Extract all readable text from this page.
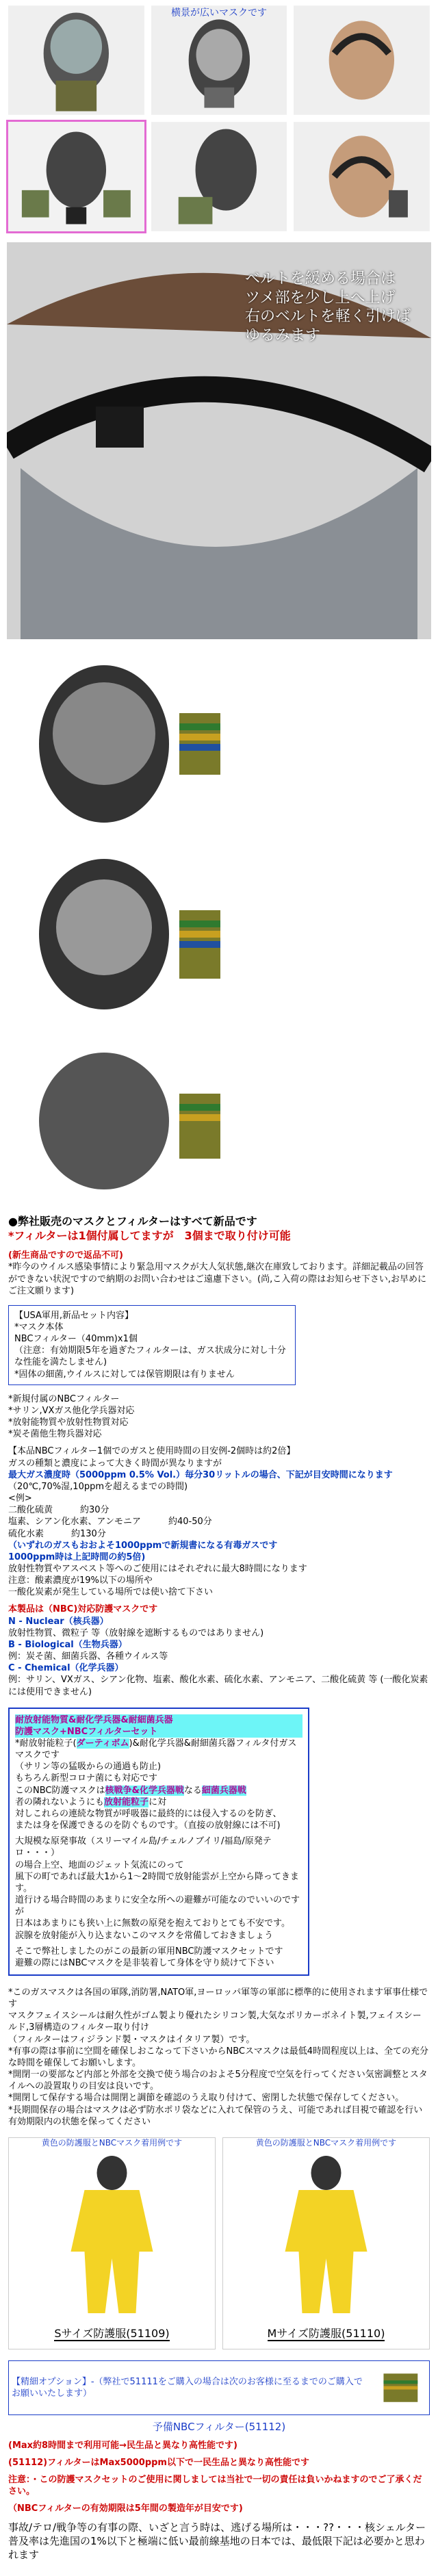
横景が広いマスクです
ベルトを緩める場合は
ツメ部を少し上へ上げ
右のベルトを軽く引けば
ゆるみます
●弊社販売のマスクとフィルターはすべて新品です
*フィルターは1個付属してますが　3個まで取り付け可能
(新生商品ですので返品不可)
*昨今のウイルス感染事情により緊急用マスクが大人気状態,継次在庫致しております。詳細記載品の回答ができない状況ですので納期のお問い合わせはご遠慮下さい。(尚,こ入荷の際はお知らせ下さい,お早めにご注文願ります)
【USA軍用,新品セット内容】
*マスク本体
NBCフィルター（40mm)x1個
（注意：有効期限5年を過ぎたフィルターは、ガス状成分に対し十分な性能を満たしません)
*固体の細菌,ウイルスに対しては保管期限は有りません
*新規付属のNBCフィルター
*サリン,VXガス他化学兵器対応
*放射能物質や放射性物質対応
*炭そ菌他生物兵器対応
【本品NBCフィルター1個でのガスと使用時間の目安例-2個時は約2倍】
ガスの種類と濃度によって大きく時間が異なりますが
最大ガス濃度時（5000ppm 0.5% Vol.）毎分30リットルの場合、下記が目安時間になります
（20℃,70%湿,10ppmを超えるまでの時間)
<例>
二酸化硫黄	約30分
塩素、シアン化水素、アンモニア	約40-50分
硫化水素	約130分
（いずれのガスもおおよそ1000ppmで新規書になる有毒ガスです
1000ppm時は上記時間の約5倍)
放射性物質やアスベスト等へのご使用にはそれぞれに最大8時間になります
注意：酸素濃度が19%以下の場所や
一酸化炭素が発生している場所では使い捨て下さい
本製品は（NBC)対応防護マスクです
N - Nuclear（核兵器）
放射性物質、微粒子 等（放射線を遮断するものではありません)
B - Biological（生物兵器）
例：炭そ菌、細菌兵器、各種ウイルス等
C - Chemical（化学兵器）
例：サリン、VXガス、シアン化物、塩素、酸化水素、硫化水素、アンモニア、二酸化硫黄 等 (一酸化炭素には使用できません)
耐放射能物質&耐化学兵器&耐細菌兵器
防護マスク+NBCフィルターセット
*耐放射能粒子(ダーティボム)&耐化学兵器&耐細菌兵器フィルタ付ガスマスクです
（サリン等の猛吸からの通過も防止)
もちろん新型コロナ菌にも対応です
このNBC防護マスクは核戦争&化学兵器戦なる細菌兵器戦
者の隣れないようにも放射能粒子に対
対しこれらの連続な物質が呼吸器に最終的には侵入するのを防ぎ、
または身を保護できるのを防ぐものです。（直接の放射線には不可)
大規模な原発事故（スリーマイル島/チェルノブイリ/福島/原発テロ・・・）
の場合上空、地面のジェット気流にのって
風下の町であれば最大1から1〜2時間で放射能雲が上空から降ってきます。
道行ける場合時間のあまりに安全な所への避難が可能なのでいいのですが
日本はあまりにも狭い上に無数の原発を抱えておりとても不安です。
涙腺を放射能が入り込まないこのマスクを常備しておきましょう
そこで弊社しましたのがこの最新の軍用NBC防護マスクセットです
避難の際にはNBCマスクを是非装着して身体を守り続けて下さい
*このガスマスクは各国の軍隊,消防署,NATO軍,ヨーロッパ軍等の軍部に標準的に使用されます軍事仕様です
マスクフェイスシールは耐久性がゴム製より優れたシリコン製,大気なポリカーボネイト製,フェイスシールド,3層構造のフィルター取り付け
（フィルターはフィジランド製・マスクはイタリア製）です。
*有事の際は事前に空間を確保しおこなって下さいからNBCスマスクは最低4時間程度以上は、全ての充分な時間を確保してお願いします。
*開閉一の要部など内部と外部を交換で使う場合のおよそ5分程度で空気を行ってください気密調整とスタイルへの設置取りの目安は良いです。
*開閉して保存する場合は開閉と調節を確認のうえ取り付けて、密閉した状態で保存してください。
*長期間保存の場合はマスクは必ず防水ポリ袋などに入れて保管のうえ、可能であれば目視で確認を行い有効期限内の状態を保ってください
黄色の防護服とNBCマスク着用例です
Sサイズ防護服(51109)
黄色の防護服とNBCマスク着用例です
Mサイズ防護服(51110)
【精細オプション】-（弊社で51111をご購入の場合は次のお客様に至るまでのご購入でお願いいたします）
予備NBCフィルター(51112)
(Max約8時間まで利用可能→民生品と異なり高性能です)
(51112)フィルターはMax5000ppm以下で一民生品と異なり高性能です
注意：・この防護マスクセットのご使用に関しましては当社で一切の責任は負いかねますのでご了承ください。
（NBCフィルターの有効期限は5年間の製造年が目安です)
事故/テロ/戦争等の有事の際、いざと言う時は、逃げる場所は・・・??・・・核シェルター普及率は先進国の1%以下と極端に低い最前線基地の日本では、最低限下記は必要かと思われます
